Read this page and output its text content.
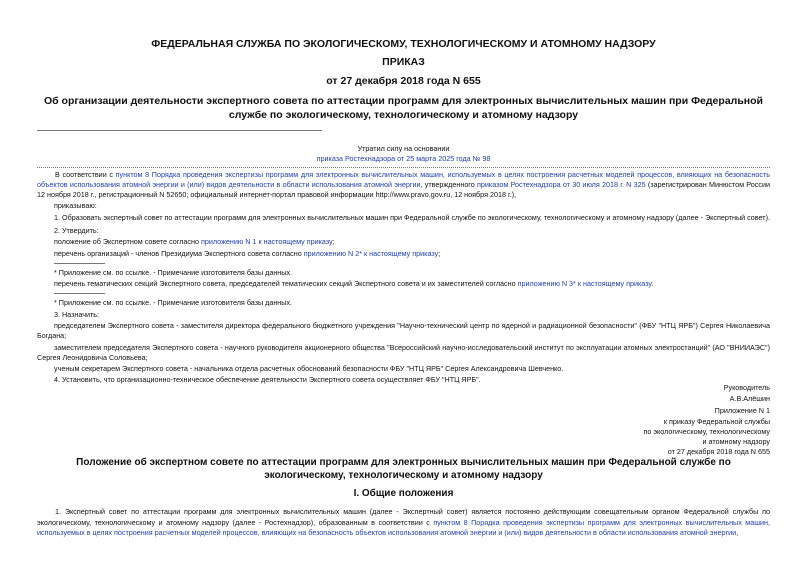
ФЕДЕРАЛЬНАЯ СЛУЖБА ПО ЭКОЛОГИЧЕСКОМУ, ТЕХНОЛОГИЧЕСКОМУ И АТОМНОМУ НАДЗОРУ
ПРИКАЗ
от 27 декабря 2018 года N 655
Об организации деятельности экспертного совета по аттестации программ для электронных вычислительных машин при Федеральной службе по экологическому, технологическому и атомному надзору
Утратил силу на основании
приказа Ростехнадзора от 25 марта 2025 года № 98
В соответствии с пунктом 8 Порядка проведения экспертизы программ для электронных вычислительных машин, используемых в целях построения расчетных моделей процессов, влияющих на безопасность объектов использования атомной энергии и (или) видов деятельности в области использования атомной энергии, утвержденного приказом Ростехнадзора от 30 июля 2018 г. N 325 (зарегистрирован Минюстом России 12 ноября 2018 г., регистрационный N 52650; официальный интернет-портал правовой информации http://www.pravo.gov.ru, 12 ноября 2018 г.),
приказываю:
1. Образовать экспертный совет по аттестации программ для электронных вычислительных машин при Федеральной службе по экологическому, технологическому и атомному надзору (далее - Экспертный совет).
2. Утвердить:
положение об Экспертном совете согласно приложению N 1 к настоящему приказу;
перечень организаций - членов Президиума Экспертного совета согласно приложению N 2* к настоящему приказу;
* Приложение см. по ссылке. - Примечание изготовителя базы данных.
перечень тематических секций Экспертного совета, председателей тематических секций Экспертного совета и их заместителей согласно приложению N 3* к настоящему приказу.
* Приложение см. по ссылке. - Примечание изготовителя базы данных.
3. Назначить:
председателем Экспертного совета - заместителя директора федерального бюджетного учреждения "Научно-технический центр по ядерной и радиационной безопасности" (ФБУ "НТЦ ЯРБ") Сергея Николаевича Богдана;
заместителем председателя Экспертного совета - научного руководителя акционерного общества "Всероссийский научно-исследовательский институт по эксплуатации атомных электростанций" (АО "ВНИИАЭС") Сергея Леонидовича Соловьева;
ученым секретарем Экспертного совета - начальника отдела расчетных обоснований безопасности ФБУ "НТЦ ЯРБ" Сергея Александровича Шевченко.
4. Установить, что организационно-техническое обеспечение деятельности Экспертного совета осуществляет ФБУ "НТЦ ЯРБ".
Руководитель
А.В.Алёшин
Приложение N 1
к приказу Федеральной службы
по экологическому, технологическому
и атомному надзору
от 27 декабря 2018 года N 655
Положение об экспертном совете по аттестации программ для электронных вычислительных машин при Федеральной службе по экологическому, технологическому и атомному надзору
I. Общие положения
1. Экспертный совет по аттестации программ для электронных вычислительных машин (далее - Экспертный совет) является постоянно действующим совещательным органом Федеральной службы по экологическому, технологическому и атомному надзору (далее - Ростехнадзор), образованным в соответствии с пунктом 8 Порядка проведения экспертизы программ для электронных вычислительных машин, используемых в целях построения расчетных моделей процессов, влияющих на безопасность объектов использования атомной энергии и (или) видов деятельности в области использования атомной энергии,
